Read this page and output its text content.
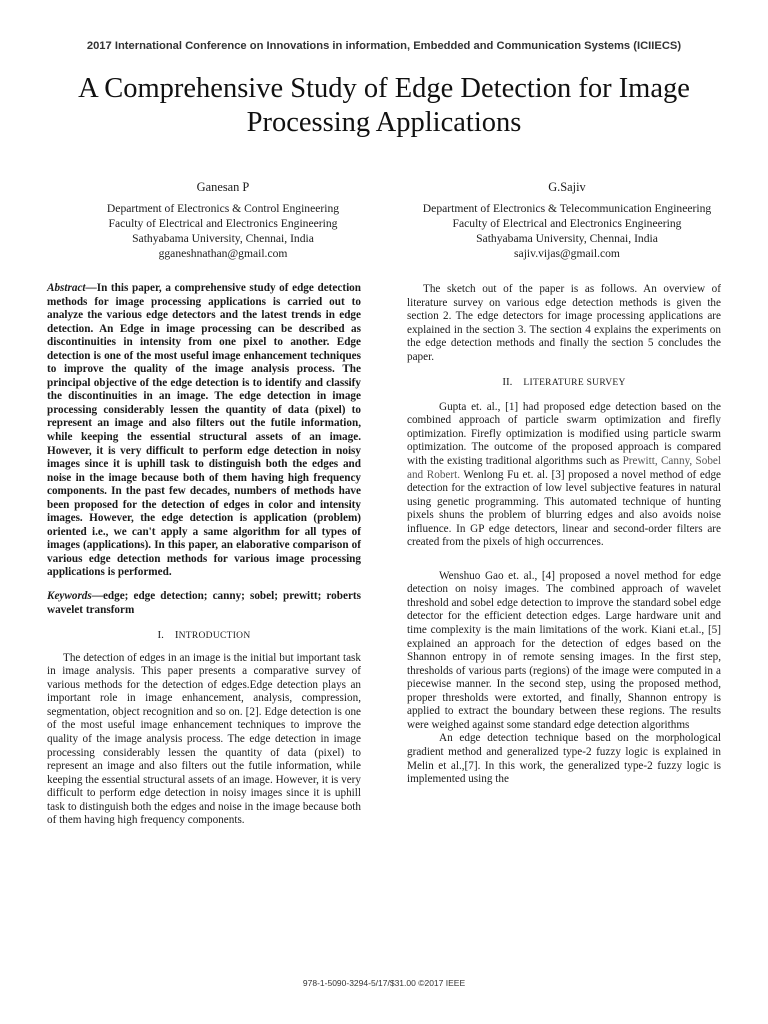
2017 International Conference on Innovations in information, Embedded and Communication Systems (ICIIECS)
A Comprehensive Study of Edge Detection for Image
Processing Applications
Ganesan P
Department of Electronics & Control Engineering
Faculty of Electrical and Electronics Engineering
Sathyabama University, Chennai, India
gganeshnathan@gmail.com
G.Sajiv
Department of Electronics & Telecommunication Engineering
Faculty of Electrical and Electronics Engineering
Sathyabama University, Chennai, India
sajiv.vijas@gmail.com

Abstract—In this paper, a comprehensive study of edge detection methods for image processing applications is carried out to analyze the various edge detectors and the latest trends in edge detection. An Edge in image processing can be described as discontinuities in intensity from one pixel to another. Edge detection is one of the most useful image enhancement techniques to improve the quality of the image analysis process. The principal objective of the edge detection is to identify and classify the discontinuities in an image. The edge detection in image processing considerably lessen the quantity of data (pixel) to represent an image and also filters out the futile information, while keeping the essential structural assets of an image. However, it is very difficult to perform edge detection in noisy images since it is uphill task to distinguish both the edges and noise in the image because both of them having high frequency components. In the past few decades, numbers of methods have been proposed for the detection of edges in color and intensity images. However, the edge detection is application (problem) oriented i.e., we can't apply a same algorithm for all types of images (applications). In this paper, an elaborative comparison of various edge detection methods for various image processing applications is performed.

Keywords—edge; edge detection; canny; sobel; prewitt; roberts wavelet transform

I. INTRODUCTION

The detection of edges in an image is the initial but important task in image analysis. This paper presents a comparative survey of various methods for the detection of edges.Edge detection plays an important role in image enhancement, analysis, compression, segmentation, object recognition and so on. [2]. Edge detection is one of the most useful image enhancement techniques to improve the quality of the image analysis process. The edge detection in image processing considerably lessen the quantity of data (pixel) to represent an image and also filters out the futile information, while keeping the essential structural assets of an image. However, it is very difficult to perform edge detection in noisy images since it is uphill task to distinguish both the edges and noise in the image because both of them having high frequency components.

The sketch out of the paper is as follows. An overview of literature survey on various edge detection methods is given the section 2. The edge detectors for image processing applications are explained in the section 3. The section 4 explains the experiments on the edge detection methods and finally the section 5 concludes the paper.

II. LITERATURE SURVEY

Gupta et. al., [1] had proposed edge detection based on the combined approach of particle swarm optimization and firefly optimization. Firefly optimization is modified using particle swarm optimization. The outcome of the proposed approach is compared with the existing traditional algorithms such as Prewitt, Canny, Sobel and Robert. Wenlong Fu et. al. [3] proposed a novel method of edge detection for the extraction of low level subjective features in natural using genetic programming. This automated technique of hunting pixels shuns the problem of blurring edges and also avoids noise influence. In GP edge detectors, linear and second-order filters are created from the pixels of high occurrences.

Wenshuo Gao et. al., [4] proposed a novel method for edge detection on noisy images. The combined approach of wavelet threshold and sobel edge detection to improve the standard sobel edge detector for the efficient detection edges. Large hardware unit and time complexity is the main limitations of the work. Kiani et.al., [5] explained an approach for the detection of edges based on the Shannon entropy in of remote sensing images. In the first step, thresholds of various parts (regions) of the image were computed in a piecewise manner. In the second step, using the proposed method, proper thresholds were extorted, and finally, Shannon entropy is applied to extract the boundary between these regions. The results were weighed against some standard edge detection algorithms

An edge detection technique based on the morphological gradient method and generalized type-2 fuzzy logic is explained in Melin et al.,[7]. In this work, the generalized type-2 fuzzy logic is implemented using the

978-1-5090-3294-5/17/$31.00 ©2017 IEEE
